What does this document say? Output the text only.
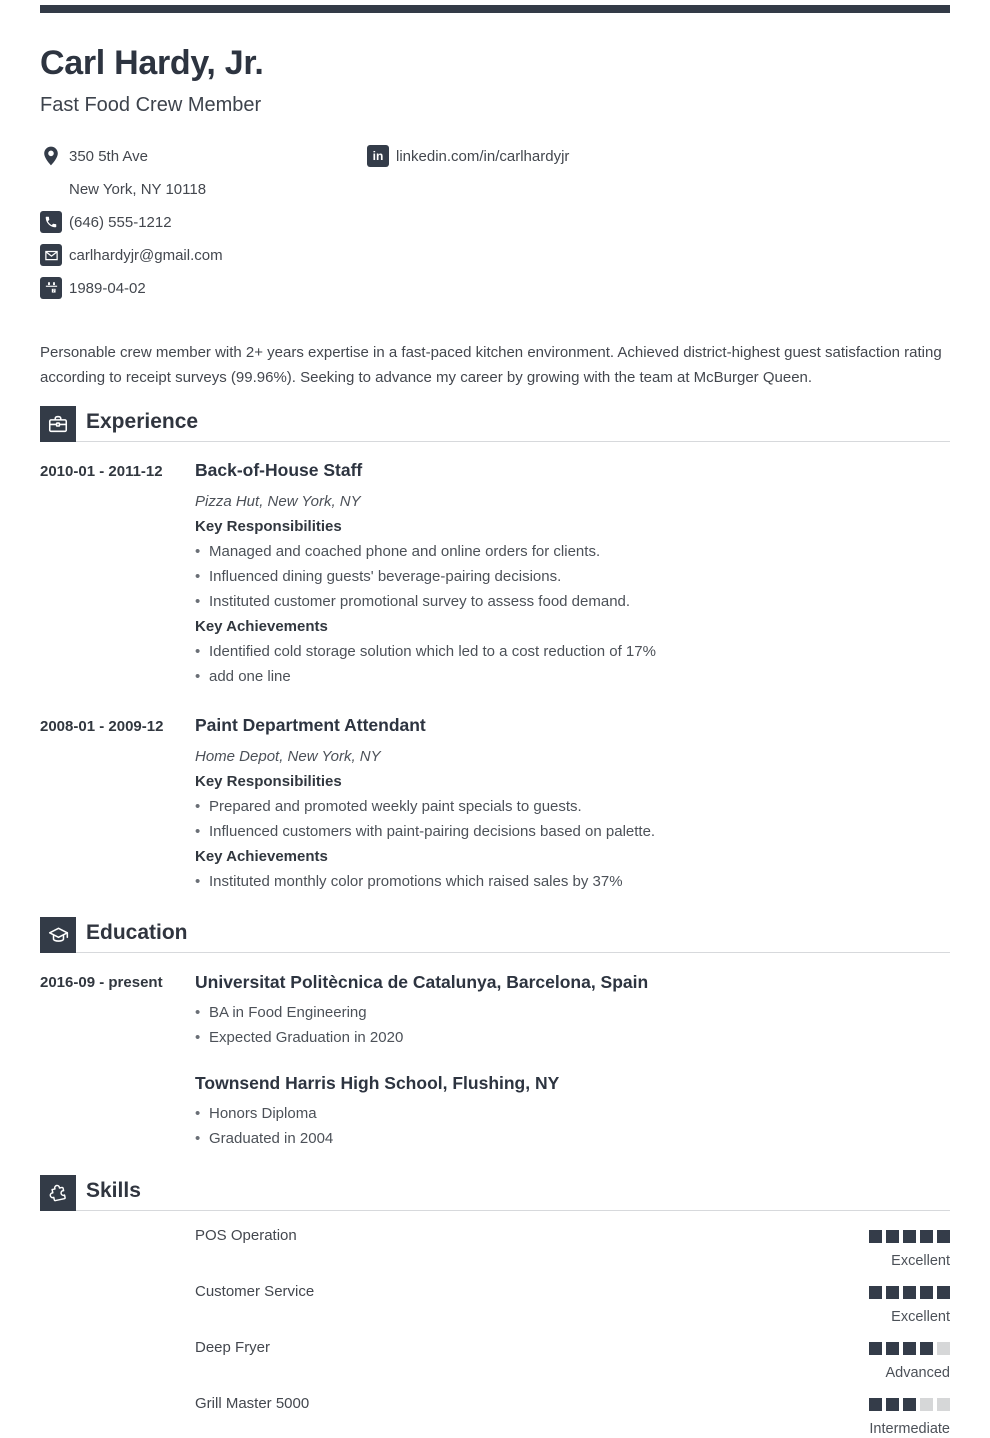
Carl Hardy, Jr.
Fast Food Crew Member
350 5th Ave
New York, NY 10118
(646) 555-1212
carlhardyjr@gmail.com
7 1989-04-02
in linkedin.com/in/carlhardyjr

Personable crew member with 2+ years expertise in a fast-paced kitchen environment. Achieved district-highest guest satisfaction rating according to receipt surveys (99.96%). Seeking to advance my career by growing with the team at McBurger Queen.

Experience
2010-01 - 2011-12	Back-of-House Staff
Pizza Hut, New York, NY
Key Responsibilities
• Managed and coached phone and online orders for clients.
• Influenced dining guests' beverage-pairing decisions.
• Instituted customer promotional survey to assess food demand.
Key Achievements
• Identified cold storage solution which led to a cost reduction of 17%
• add one line
2008-01 - 2009-12	Paint Department Attendant
Home Depot, New York, NY
Key Responsibilities
• Prepared and promoted weekly paint specials to guests.
• Influenced customers with paint-pairing decisions based on palette.
Key Achievements
• Instituted monthly color promotions which raised sales by 37%
Education
2016-09 - present	Universitat Politècnica de Catalunya, Barcelona, Spain
• BA in Food Engineering
• Expected Graduation in 2020
Townsend Harris High School, Flushing, NY
• Honors Diploma
• Graduated in 2004
Skills
POS Operation
Excellent
Customer Service
Excellent
Deep Fryer
Advanced
Grill Master 5000
Intermediate
